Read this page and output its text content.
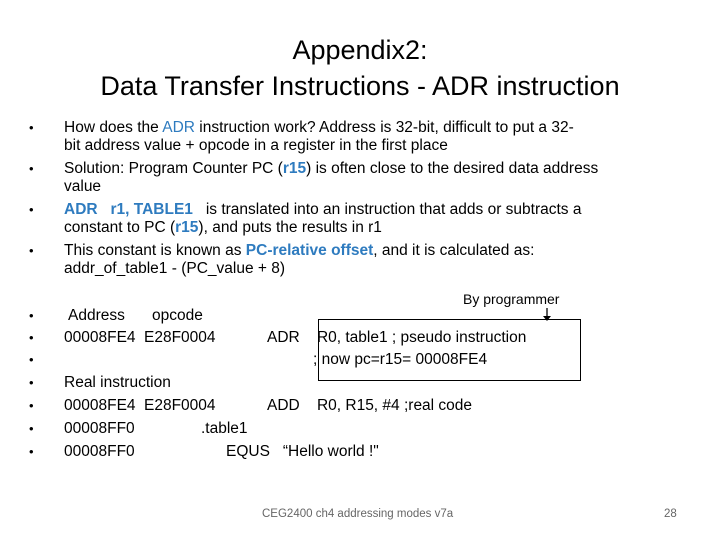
Appendix2:
Data Transfer Instructions - ADR instruction
• How does the ADR instruction work? Address is 32-bit, difficult to put a 32-
bit address value + opcode in a register in the first place
• Solution: Program Counter PC (r15) is often close to the desired data address
value
• ADR   r1, TABLE1   is translated into an instruction that adds or subtracts a
constant to PC (r15), and puts the results in r1
• This constant is known as PC-relative offset, and it is calculated as:
addr_of_table1 - (PC_value + 8)
By programmer
•
•
•
•
•
•
•
Address opcode
00008FE4 E28F0004	ADR    R0, table1 ; pseudo instruction
; now pc=r15= 00008FE4
Real instruction
00008FE4 E28F0004	ADD    R0, R15, #4 ;real code
00008FF0	.table1
00008FF0	EQUS   “Hello world !"
CEG2400 ch4 addressing modes v7a	28
